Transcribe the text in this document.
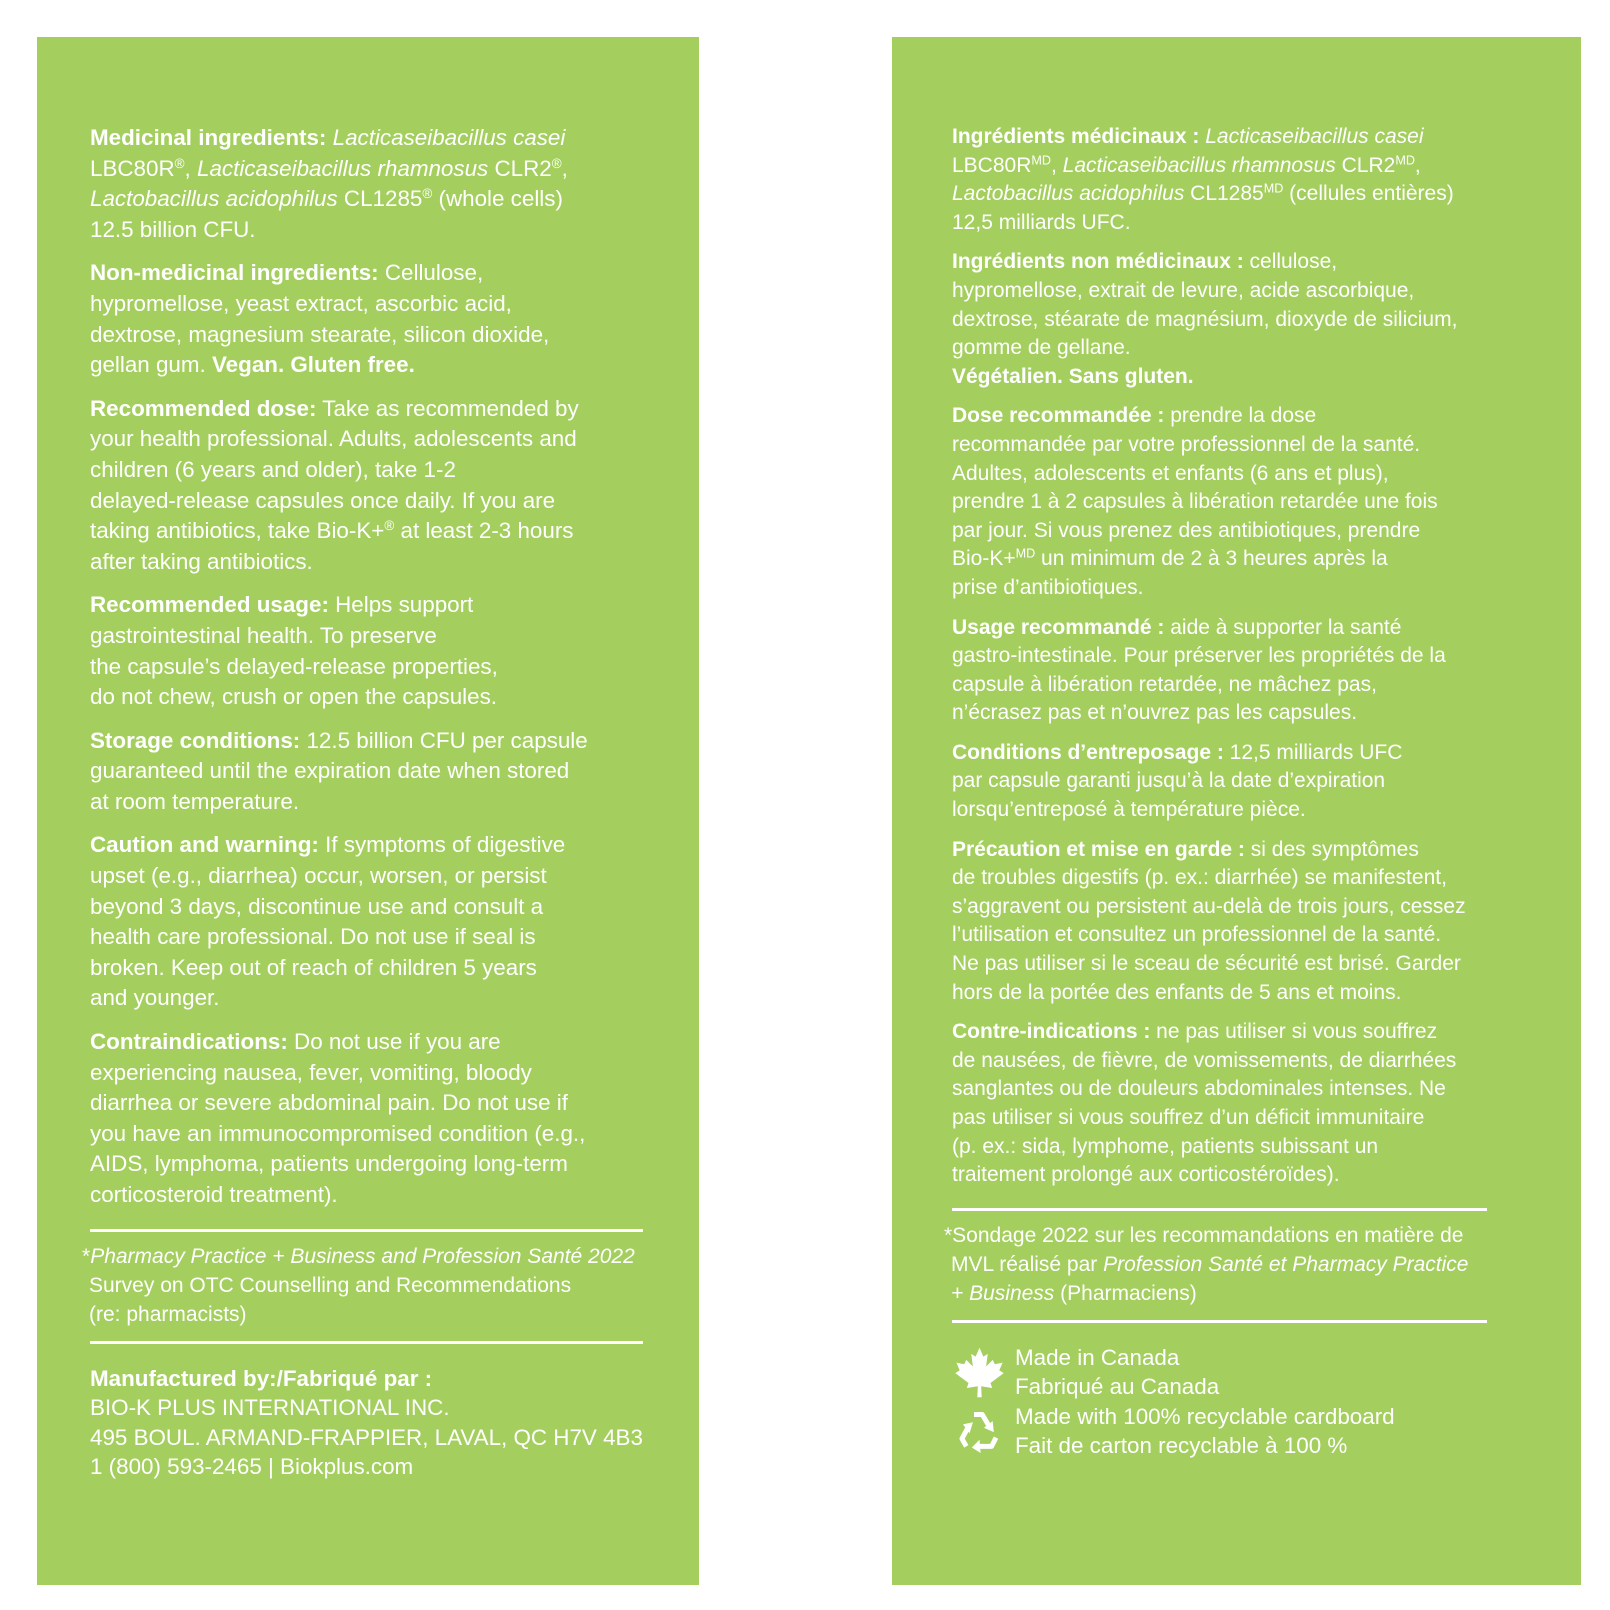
Medicinal ingredients: Lacticaseibacillus casei
LBC80R®, Lacticaseibacillus rhamnosus CLR2®,
Lactobacillus acidophilus CL1285® (whole cells)
12.5 billion CFU.
Non-medicinal ingredients: Cellulose,
hypromellose, yeast extract, ascorbic acid,
dextrose, magnesium stearate, silicon dioxide,
gellan gum. Vegan. Gluten free.
Recommended dose: Take as recommended by
your health professional. Adults, adolescents and
children (6 years and older), take 1-2
delayed-release capsules once daily. If you are
taking antibiotics, take Bio-K+® at least 2-3 hours
after taking antibiotics.
Recommended usage: Helps support
gastrointestinal health. To preserve
the capsule’s delayed-release properties,
do not chew, crush or open the capsules.
Storage conditions: 12.5 billion CFU per capsule
guaranteed until the expiration date when stored
at room temperature.
Caution and warning: If symptoms of digestive
upset (e.g., diarrhea) occur, worsen, or persist
beyond 3 days, discontinue use and consult a
health care professional. Do not use if seal is
broken. Keep out of reach of children 5 years
and younger.
Contraindications: Do not use if you are
experiencing nausea, fever, vomiting, bloody
diarrhea or severe abdominal pain. Do not use if
you have an immunocompromised condition (e.g.,
AIDS, lymphoma, patients undergoing long-term
corticosteroid treatment).
*Pharmacy Practice + Business and Profession Santé 2022
Survey on OTC Counselling and Recommendations
(re: pharmacists)
Manufactured by:/Fabriqué par :
BIO-K PLUS INTERNATIONAL INC.
495 BOUL. ARMAND-FRAPPIER, LAVAL, QC H7V 4B3
1 (800) 593-2465 | Biokplus.com
Ingrédients médicinaux : Lacticaseibacillus casei
$LBC80R^{MD}$, Lacticaseibacillus rhamnosus $CLR2^{MD}$,
Lactobacillus acidophilus $CL1285^{MD}$ (cellules entières)
12,5 milliards UFC.
Ingrédients non médicinaux : cellulose,
hypromellose, extrait de levure, acide ascorbique,
dextrose, stéarate de magnésium, dioxyde de silicium,
gomme de gellane.
Végétalien. Sans gluten.
Dose recommandée : prendre la dose
recommandée par votre professionnel de la santé.
Adultes, adolescents et enfants (6 ans et plus),
prendre 1 à 2 capsules à libération retardée une fois
par jour. Si vous prenez des antibiotiques, prendre
Bio-K+$^{MD}$ un minimum de 2 à 3 heures après la
prise d’antibiotiques.
Usage recommandé : aide à supporter la santé
gastro-intestinale. Pour préserver les propriétés de la
capsule à libération retardée, ne mâchez pas,
n’écrasez pas et n’ouvrez pas les capsules.
Conditions d’entreposage : 12,5 milliards UFC
par capsule garanti jusqu’à la date d’expiration
lorsqu’entreposé à température pièce.
Précaution et mise en garde : si des symptômes
de troubles digestifs (p. ex.: diarrhée) se manifestent,
s’aggravent ou persistent au-delà de trois jours, cessez
l’utilisation et consultez un professionnel de la santé.
Ne pas utiliser si le sceau de sécurité est brisé. Garder
hors de la portée des enfants de 5 ans et moins.
Contre-indications : ne pas utiliser si vous souffrez
de nausées, de fièvre, de vomissements, de diarrhées
sanglantes ou de douleurs abdominales intenses. Ne
pas utiliser si vous souffrez d’un déficit immunitaire
(p. ex.: sida, lymphome, patients subissant un
traitement prolongé aux corticostéroïdes).
*Sondage 2022 sur les recommandations en matière de
MVL réalisé par Profession Santé et Pharmacy Practice
+ Business (Pharmaciens)
Made in Canada
Fabriqué au Canada
Made with 100% recyclable cardboard
Fait de carton recyclable à 100 %
